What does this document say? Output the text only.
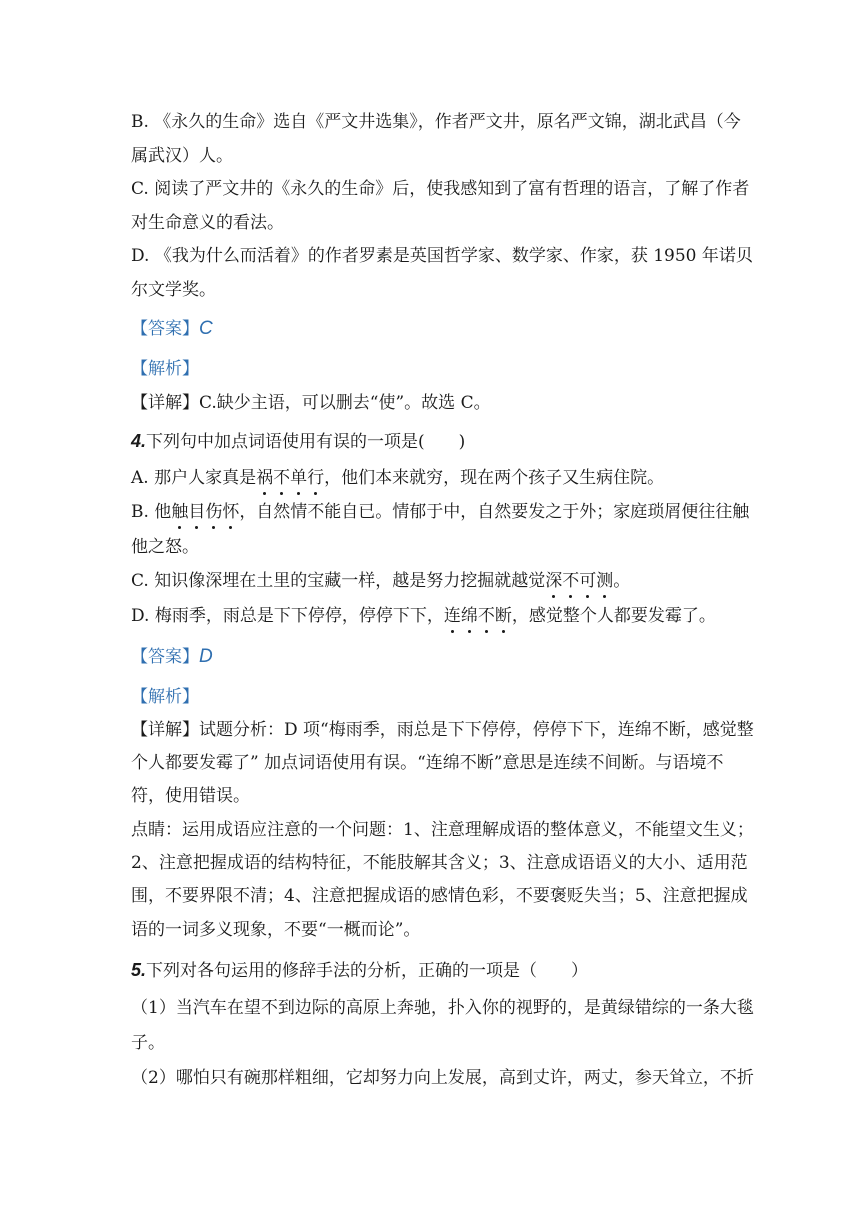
B. 《永久的生命》选自《严文井选集》，作者严文井，原名严文锦，湖北武昌（今
属武汉）人。
C. 阅读了严文井的《永久的生命》后，使我感知到了富有哲理的语言，了解了作者
对生命意义的看法。
D. 《我为什么而活着》的作者罗素是英国哲学家、数学家、作家，获 1950 年诺贝
尔文学奖。
【答案】C
【解析】
【详解】C.缺少主语，可以删去“使”。故选 C。
4.下列句中加点词语使用有误的一项是(　　)
A. 那户人家真是祸不单行，他们本来就穷，现在两个孩子又生病住院。
B. 他触目伤怀，自然情不能自已。情郁于中，自然要发之于外；家庭琐屑便往往触
他之怒。
C. 知识像深埋在土里的宝藏一样，越是努力挖掘就越觉深不可测。
D. 梅雨季，雨总是下下停停，停停下下，连绵不断，感觉整个人都要发霉了。
【答案】D
【解析】
【详解】试题分析：D 项“梅雨季，雨总是下下停停，停停下下，连绵不断，感觉整
个人都要发霉了” 加点词语使用有误。“连绵不断”意思是连续不间断。与语境不
符，使用错误。
点睛：运用成语应注意的一个问题：1、注意理解成语的整体意义，不能望文生义；
2、注意把握成语的结构特征，不能肢解其含义；3、注意成语语义的大小、适用范
围，不要界限不清；4、注意把握成语的感情色彩，不要褒贬失当；5、注意把握成
语的一词多义现象，不要“一概而论”。
5.下列对各句运用的修辞手法的分析，正确的一项是（　　）
（1）当汽车在望不到边际的高原上奔驰，扑入你的视野的，是黄绿错综的一条大毯
子。
（2）哪怕只有碗那样粗细，它却努力向上发展，高到丈许，两丈，参天耸立，不折
